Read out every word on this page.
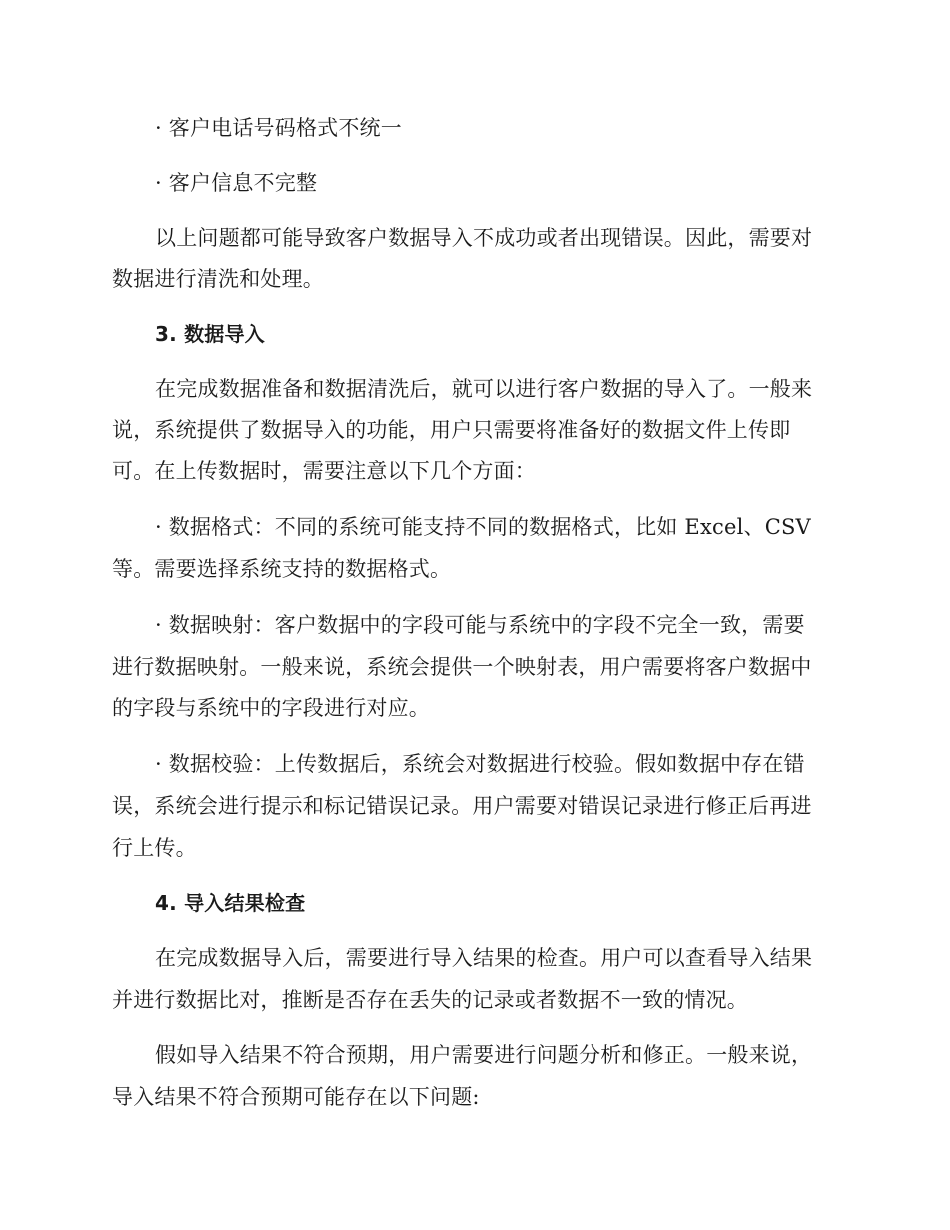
· 客户电话号码格式不统一
· 客户信息不完整
以上问题都可能导致客户数据导入不成功或者出现错误。因此，需要对
数据进行清洗和处理。
3. 数据导入
在完成数据准备和数据清洗后，就可以进行客户数据的导入了。一般来
说，系统提供了数据导入的功能，用户只需要将准备好的数据文件上传即
可。在上传数据时，需要注意以下几个方面：
· 数据格式：不同的系统可能支持不同的数据格式，比如 Excel、CSV
等。需要选择系统支持的数据格式。
· 数据映射：客户数据中的字段可能与系统中的字段不完全一致，需要
进行数据映射。一般来说，系统会提供一个映射表，用户需要将客户数据中
的字段与系统中的字段进行对应。
· 数据校验：上传数据后，系统会对数据进行校验。假如数据中存在错
误，系统会进行提示和标记错误记录。用户需要对错误记录进行修正后再进
行上传。
4. 导入结果检查
在完成数据导入后，需要进行导入结果的检查。用户可以查看导入结果
并进行数据比对，推断是否存在丢失的记录或者数据不一致的情况。
假如导入结果不符合预期，用户需要进行问题分析和修正。一般来说，
导入结果不符合预期可能存在以下问题:
